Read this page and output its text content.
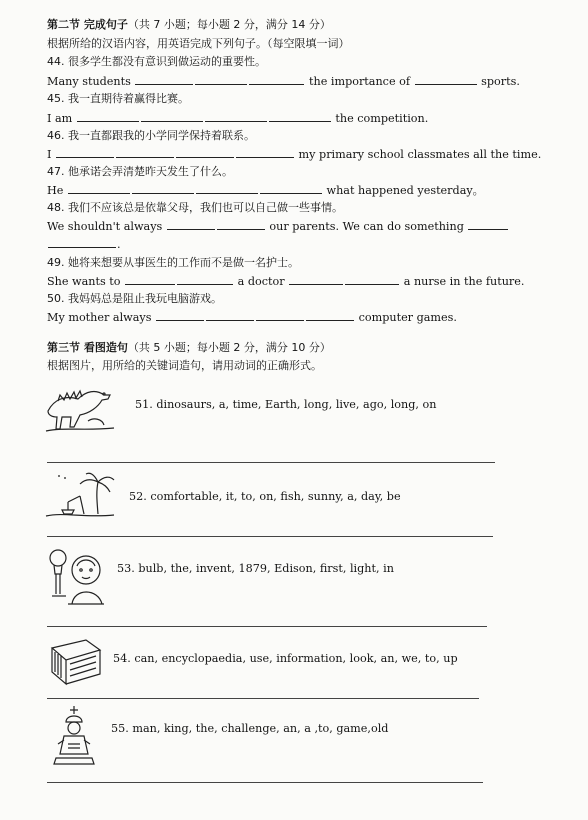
第二节 完成句子（共 7 小题；每小题 2 分，满分 14 分）
根据所给的汉语内容，用英语完成下列句子。（每空限填一词）
44. 很多学生都没有意识到做运动的重要性。
Many students	the importance of	sports.
45. 我一直期待着赢得比赛。
I am	the competition.
46. 我一直都跟我的小学同学保持着联系。
I	my primary school classmates all the time.
47. 他承诺会弄清楚昨天发生了什么。
He	what happened yesterday。
48. 我们不应该总是依靠父母，我们也可以自己做一些事情。
We shouldn't always	our parents. We can do something
.
49. 她将来想要从事医生的工作而不是做一名护士。
She wants to	a doctor	a nurse in the future.
50. 我妈妈总是阻止我玩电脑游戏。
My mother always	computer games.
第三节 看图造句（共 5 小题；每小题 2 分，满分 10 分）
根据图片，用所给的关键词造句，请用动词的正确形式。
51. dinosaurs, a, time, Earth, long, live, ago, long, on
52. comfortable, it, to, on, fish, sunny, a, day, be
53. bulb, the, invent, 1879, Edison, first, light, in
54. can, encyclopaedia, use, information, look, an, we, to, up
55. man, king, the, challenge, an, a ,to, game,old
